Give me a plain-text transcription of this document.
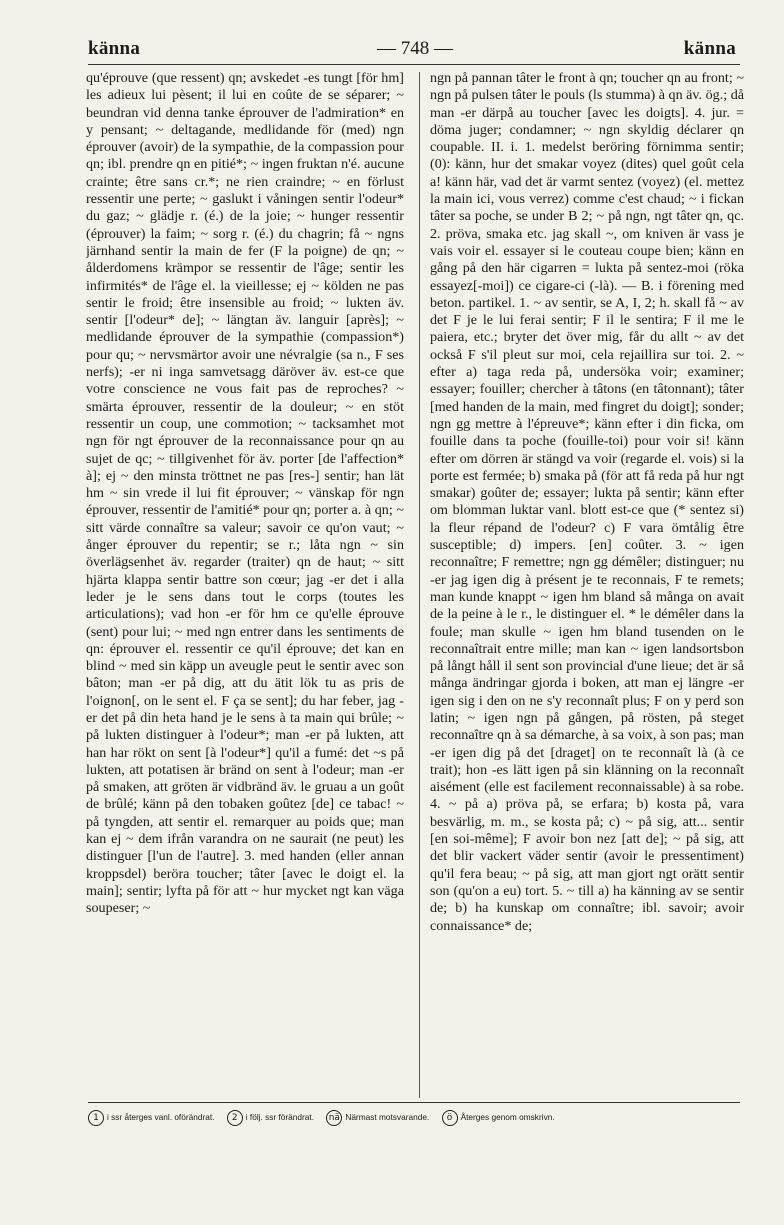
känna	— 748 —	känna

qu'éprouve (que ressent) qn; avskedet -es tungt [för hm] les adieux lui pèsent; il lui en coûte de se séparer; ~ beundran vid denna tanke éprouver de l'admiration* en y pensant; ~ deltagande, medlidande för (med) ngn éprouver (avoir) de la sympathie, de la compassion pour qn; ibl. prendre qn en pitié*; ~ ingen fruktan n'é. aucune crainte; être sans cr.*; ne rien craindre; ~ en förlust ressentir une perte; ~ gaslukt i våningen sentir l'odeur* du gaz; ~ glädje r. (é.) de la joie; ~ hunger ressentir (éprouver) la faim; ~ sorg r. (é.) du chagrin; få ~ ngns järnhand sentir la main de fer (F la poigne) de qn; ~ ålderdomens krämpor se ressentir de l'âge; sentir les infirmités* de l'âge el. la vieillesse; ej ~ kölden ne pas sentir le froid; être insensible au froid; ~ lukten äv. sentir [l'odeur* de]; ~ längtan äv. languir [après]; ~ medlidande éprouver de la sympathie (compassion*) pour qu; ~ nervsmärtor avoir une névralgie (sa n., F ses nerfs); -er ni inga samvetsagg däröver äv. est-ce que votre conscience ne vous fait pas de reproches? ~ smärta éprouver, ressentir de la douleur; ~ en stöt ressentir un coup, une commotion; ~ tacksamhet mot ngn för ngt éprouver de la reconnaissance pour qn au sujet de qc; ~ tillgivenhet för äv. porter [de l'affection* à]; ej ~ den minsta tröttnet ne pas [res-] sentir; han lät hm ~ sin vrede il lui fit éprouver; ~ vänskap för ngn éprouver, ressentir de l'amitié* pour qn; porter a. à qn; ~ sitt värde connaître sa valeur; savoir ce qu'on vaut; ~ ånger éprouver du repentir; se r.; låta ngn ~ sin överlägsenhet äv. regarder (traiter) qn de haut; ~ sitt hjärta klappa sentir battre son cœur; jag -er det i alla leder je le sens dans tout le corps (toutes les articulations); vad hon -er för hm ce qu'elle éprouve (sent) pour lui; ~ med ngn entrer dans les sentiments de qn: éprouver el. ressentir ce qu'il éprouve; det kan en blind ~ med sin käpp un aveugle peut le sentir avec son bâton; man -er på dig, att du ätit lök tu as pris de l'oignon[, on le sent el. F ça se sent]; du har feber, jag -er det på din heta hand je le sens à ta main qui brûle; ~ på lukten distinguer à l'odeur*; man -er på lukten, att han har rökt on sent [à l'odeur*] qu'il a fumé: det ~s på lukten, att potatisen är bränd on sent à l'odeur; man -er på smaken, att gröten är vidbränd äv. le gruau a un goût de brûlé; känn på den tobaken goûtez [de] ce tabac! ~ på tyngden, att sentir el. remarquer au poids que; man kan ej ~ dem ifrån varandra on ne saurait (ne peut) les distinguer [l'un de l'autre]. 3. med handen (eller annan kroppsdel) beröra toucher; tâter [avec le doigt el. la main]; sentir; lyfta på för att ~ hur mycket ngt kan väga soupeser; ~

ngn på pannan tâter le front à qn; toucher qn au front; ~ ngn på pulsen tâter le pouls (ls stumma) à qn äv. ög.; då man -er därpå au toucher [avec les doigts]. 4. jur. = döma juger; condamner; ~ ngn skyldig déclarer qn coupable. II. i. 1. medelst beröring förnimma sentir; (0): känn, hur det smakar voyez (dites) quel goût cela a! känn här, vad det är varmt sentez (voyez) (el. mettez la main ici, vous verrez) comme c'est chaud; ~ i fickan tâter sa poche, se under B 2; ~ på ngn, ngt tâter qn, qc. 2. pröva, smaka etc. jag skall ~, om kniven är vass je vais voir el. essayer si le couteau coupe bien; känn en gång på den här cigarren = lukta på sentez-moi (röka essayez[-moi]) ce cigare-ci (-là). — B. i förening med beton. partikel. 1. ~ av sentir, se A, I, 2; h. skall få ~ av det F je le lui ferai sentir; F il le sentira; F il me le paiera, etc.; bryter det över mig, får du allt ~ av det också F s'il pleut sur moi, cela rejaillira sur toi. 2. ~ efter a) taga reda på, undersöka voir; examiner; essayer; fouiller; chercher à tâtons (en tâtonnant); tâter [med handen de la main, med fingret du doigt]; sonder; ngn gg mettre à l'épreuve*; känn efter i din ficka, om fouille dans ta poche (fouille-toi) pour voir si! känn efter om dörren är stängd va voir (regarde el. vois) si la porte est fermée; b) smaka på (för att få reda på hur ngt smakar) goûter de; essayer; lukta på sentir; känn efter om blomman luktar vanl. blott est-ce que (* sentez si) la fleur répand de l'odeur? c) F vara ömtålig être susceptible; d) impers. [en] coûter. 3. ~ igen reconnaître; F remettre; ngn gg démêler; distinguer; nu -er jag igen dig à présent je te reconnais, F te remets; man kunde knappt ~ igen hm bland så många on avait de la peine à le r., le distinguer el. * le démêler dans la foule; man skulle ~ igen hm bland tusenden on le reconnaîtrait entre mille; man kan ~ igen landsortsbon på långt håll il sent son provincial d'une lieue; det är så många ändringar gjorda i boken, att man ej längre -er igen sig i den on ne s'y reconnaît plus; F on y perd son latin; ~ igen ngn på gången, på rösten, på steget reconnaître qn à sa démarche, à sa voix, à son pas; man -er igen dig på det [draget] on te reconnaît là (à ce trait); hon -es lätt igen på sin klänning on la reconnaît aisément (elle est facilement reconnaissable) à sa robe. 4. ~ på a) pröva på, se erfara; b) kosta på, vara besvärlig, m. m., se kosta på; c) ~ på sig, att... sentir [en soi-même]; F avoir bon nez [att de]; ~ på sig, att det blir vackert väder sentir (avoir le pressentiment) qu'il fera beau; ~ på sig, att man gjort ngt orätt sentir son (qu'on a eu) tort. 5. ~ till a) ha känning av se sentir de; b) ha kunskap om connaître; ibl. savoir; avoir connaissance* de;

1 i ssr återges vanl. oförändrat. 2 i följ. ssr förändrat. nä Närmast motsvarande. ö Återges genom omskrivn.
